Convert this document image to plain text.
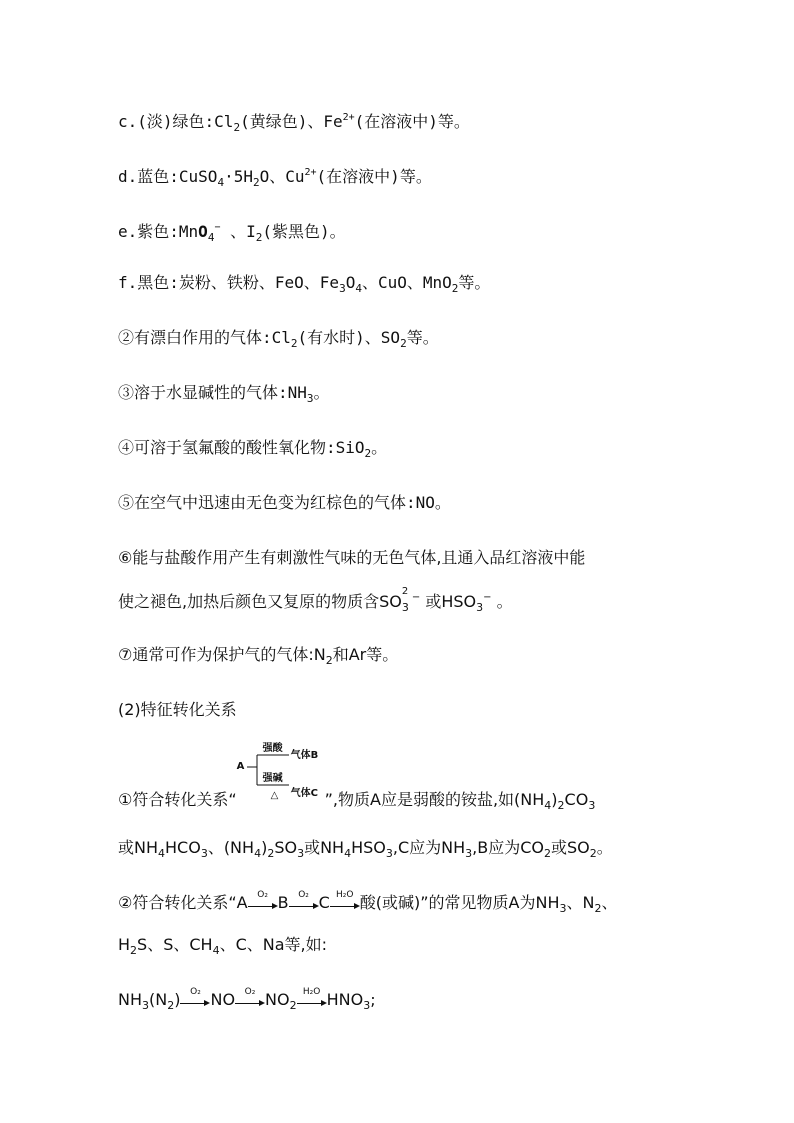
c.(淡)绿色$:Cl_2$(黄绿色)、$Fe^{2+}$(在溶液中)等。
d.蓝色$:CuSO_4\cdot 5H_2O$、$Cu^{2+}$(在溶液中)等。
e.紫色:MnO$_4$− 、$I_2$(紫黑色)。
f.黑色:炭粉、铁粉、FeO、$Fe_3O_4$、CuO、MnO$_2$等。
②有漂白作用的气体$:Cl_2$(有水时)、$SO_2$等。
③溶于水显碱性的气体$:NH_3$。
④可溶于氢氟酸的酸性氧化物:SiO$_2$。
⑤在空气中迅速由无色变为红棕色的气体:NO。
⑥能与盐酸作用产生有刺激性气味的无色气体,且通入品红溶液中能
使之褪色,加热后颜色又复原的物质含SO
2
3
− 或$HSO_3^-$ 。
⑦通常可作为保护气的气体$:N_2$和Ar等。
(2)特征转化关系
①符合转化关系“
A
强酸
气体B
强碱
△ 气体C ”,物质A应是弱酸的铵盐,如$(NH_4)_2CO_3$
或$NH_4HCO_3$、$(NH_4)_2SO_3$或$NH_4HSO_3,C$应为$NH_3,B$应为$CO_2$或$SO_2$。
②符合转化关系“A	O₂ B	O₂ C H₂O 酸(或碱)”的常见物质A为$NH_3$、$N_2$、
$H_2S$、S、$CH_4$、C、Na等,如:
$NH_3(N_2)$	O₂ NO	O₂ $NO_2$
H₂O $HNO_3$;
